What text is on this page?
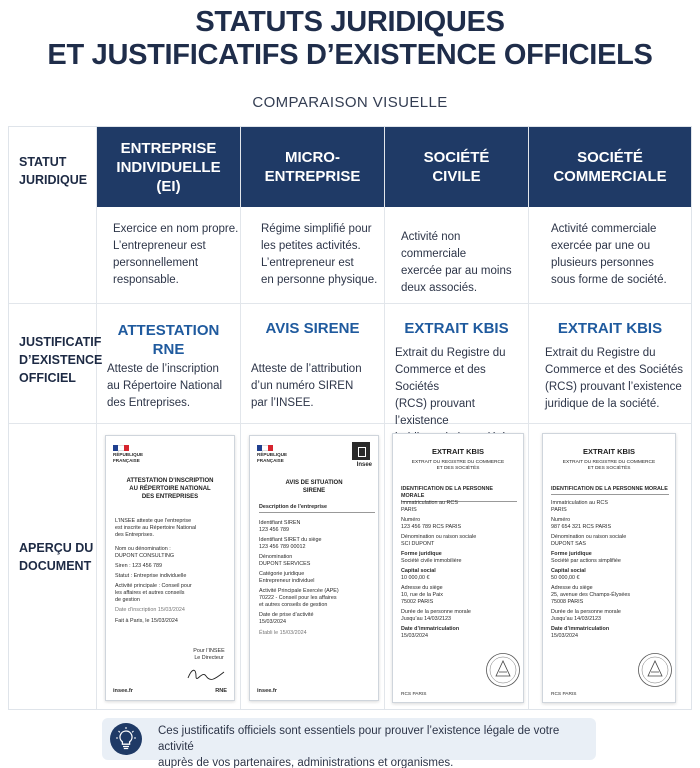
STATUTS JURIDIQUES
ET JUSTIFICATIFS D’EXISTENCE OFFICIELS
COMPARAISON VISUELLE
STATUT
JURIDIQUE
JUSTIFICATIF
D’EXISTENCE
OFFICIEL
APERÇU DU
DOCUMENT
ENTREPRISE
INDIVIDUELLE
(EI)
MICRO-
ENTREPRISE
SOCIÉTÉ
CIVILE
SOCIÉTÉ
COMMERCIALE
Exercice en nom propre.
L’entrepreneur est
personnellement
responsable.
Régime simplifié pour
les petites activités.
L’entrepreneur est
en personne physique.
Activité non commerciale
exercée par au moins
deux associés.
Activité commerciale
exercée par une ou
plusieurs personnes
sous forme de société.
ATTESTATION
RNE
Atteste de l’inscription
au Répertoire National
des Entreprises.
AVIS SIRENE
Atteste de l’attribution
d’un numéro SIREN
par l’INSEE.
EXTRAIT KBIS
Extrait du Registre du
Commerce et des Sociétés
(RCS) prouvant l’existence
EXTRAIT KBIS
Extrait du Registre du
Commerce et des Sociétés
(RCS) prouvant l’existence
juridique de la société.
RÉPUBLIQUE
FRANÇAISE
ATTESTATION D’INSCRIPTION
AU RÉPERTOIRE NATIONAL
DES ENTREPRISES
L’INSEE atteste que l’entreprise
est inscrite au Répertoire National
des Entreprises.
Nom ou dénomination :
DUPONT CONSULTING
Siren : 123 456 789
Statut : Entreprise individuelle
Activité principale : Conseil pour
les affaires et autres conseils
de gestion
Date d’inscription 15/03/2024
Fait à Paris, le 15/03/2024
Pour l’INSEE
Le Directeur
insee.fr	RNE
RÉPUBLIQUE
FRANÇAISE
Insee
AVIS DE SITUATION
SIRENE
Description de l’entreprise
Identifiant SIREN
123 456 789
Identifiant SIRET du siège
123 456 789 00012
Dénomination
DUPONT SERVICES
Catégorie juridique
Entrepreneur individuel
Activité Principale Exercée (APE)
70222 - Conseil pour les affaires
et autres conseils de gestion
Date de prise d’activité
15/03/2024
Établi le 15/03/2024
insee.fr
EXTRAIT KBIS
EXTRAIT DU REGISTRE DU COMMERCE
ET DES SOCIÉTÉS
IDENTIFICATION DE LA PERSONNE MORALE
Immatriculation au RCS
PARIS
Numéro
123 456 789 RCS PARIS
Dénomination ou raison sociale
SCI DUPONT
Forme juridique
Société civile immobilière
Capital social
10 000,00 €
Adresse du siège
10, rue de la Paix
75002 PARIS
Durée de la personne morale
Jusqu’au 14/03/2123
Date d’immatriculation
15/03/2024
RCS PARIS
EXTRAIT KBIS
EXTRAIT DU REGISTRE DU COMMERCE
ET DES SOCIÉTÉS
IDENTIFICATION DE LA PERSONNE MORALE
Immatriculation au RCS
PARIS
Numéro
987 654 321 RCS PARIS
Dénomination ou raison sociale
DUPONT SAS
Forme juridique
Société par actions simplifiée
Capital social
50 000,00 €
Adresse du siège
25, avenue des Champs-Élysées
75008 PARIS
Durée de la personne morale
Jusqu’au 14/03/2123
Date d’immatriculation
15/03/2024
RCS PARIS
Ces justificatifs officiels sont essentiels pour prouver l’existence légale de votre activité
auprès de vos partenaires, administrations et organismes.
